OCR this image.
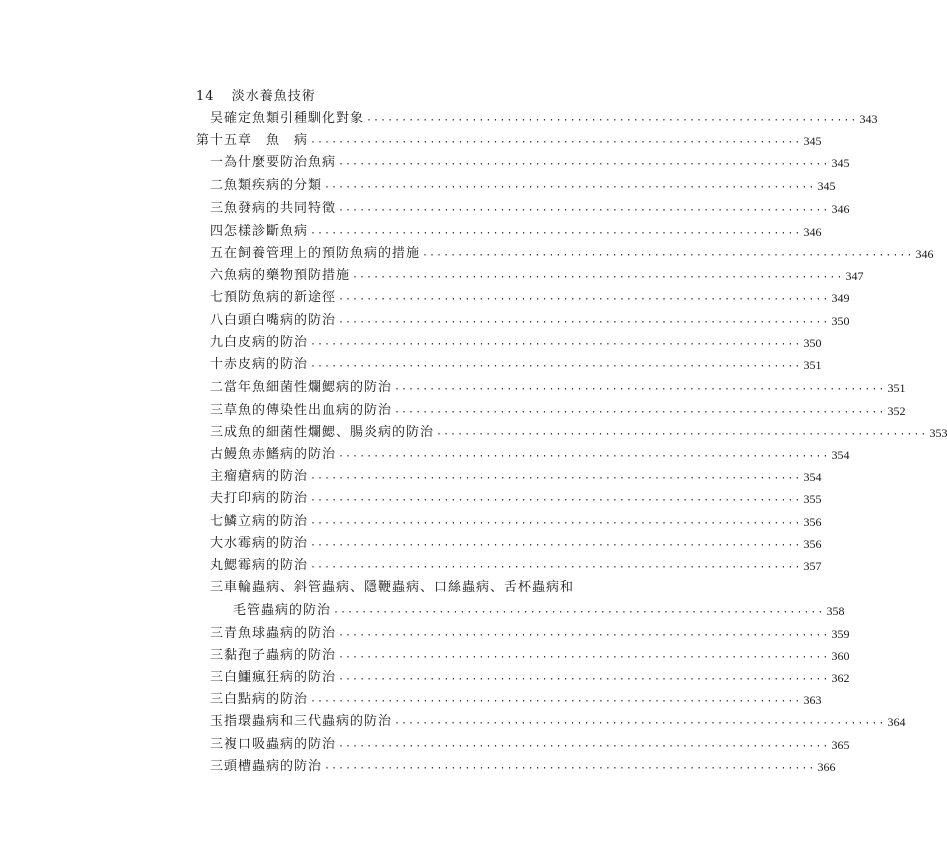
14 淡水養魚技術
吴確定魚類引種馴化對象 ······································································ 343
第十五章　魚　病 ······································································ 345
一為什麼要防治魚病 ······································································ 345
二魚類疾病的分類 ······································································ 345
三魚發病的共同特徵 ······································································ 346
四怎樣診斷魚病 ······································································ 346
五在飼養管理上的預防魚病的措施 ······································································ 346
六魚病的藥物預防措施 ······································································ 347
七預防魚病的新途徑 ······································································ 349
八白頭白嘴病的防治 ······································································ 350
九白皮病的防治 ······································································ 350
十赤皮病的防治 ······································································ 351
二當年魚細菌性爛鰓病的防治 ······································································ 351
三草魚的傳染性出血病的防治 ······································································ 352
三成魚的細菌性爛鰓、腸炎病的防治 ······································································ 353
古鰻魚赤鰭病的防治 ······································································ 354
主瘤瘡病的防治 ······································································ 354
夫打印病的防治 ······································································ 355
七鱗立病的防治 ······································································ 356
大水霉病的防治 ······································································ 356
丸鰓霉病的防治 ······································································ 357
三車輪蟲病、斜管蟲病、隱鞭蟲病、口絲蟲病、舌杯蟲病和
毛管蟲病的防治 ······································································ 358
三青魚球蟲病的防治 ······································································ 359
三黏孢子蟲病的防治 ······································································ 360
三白鱷瘋狂病的防治 ······································································ 362
三白點病的防治 ······································································ 363
玉指環蟲病和三代蟲病的防治 ······································································ 364
三複口吸蟲病的防治 ······································································ 365
三頭槽蟲病的防治 ······································································ 366
